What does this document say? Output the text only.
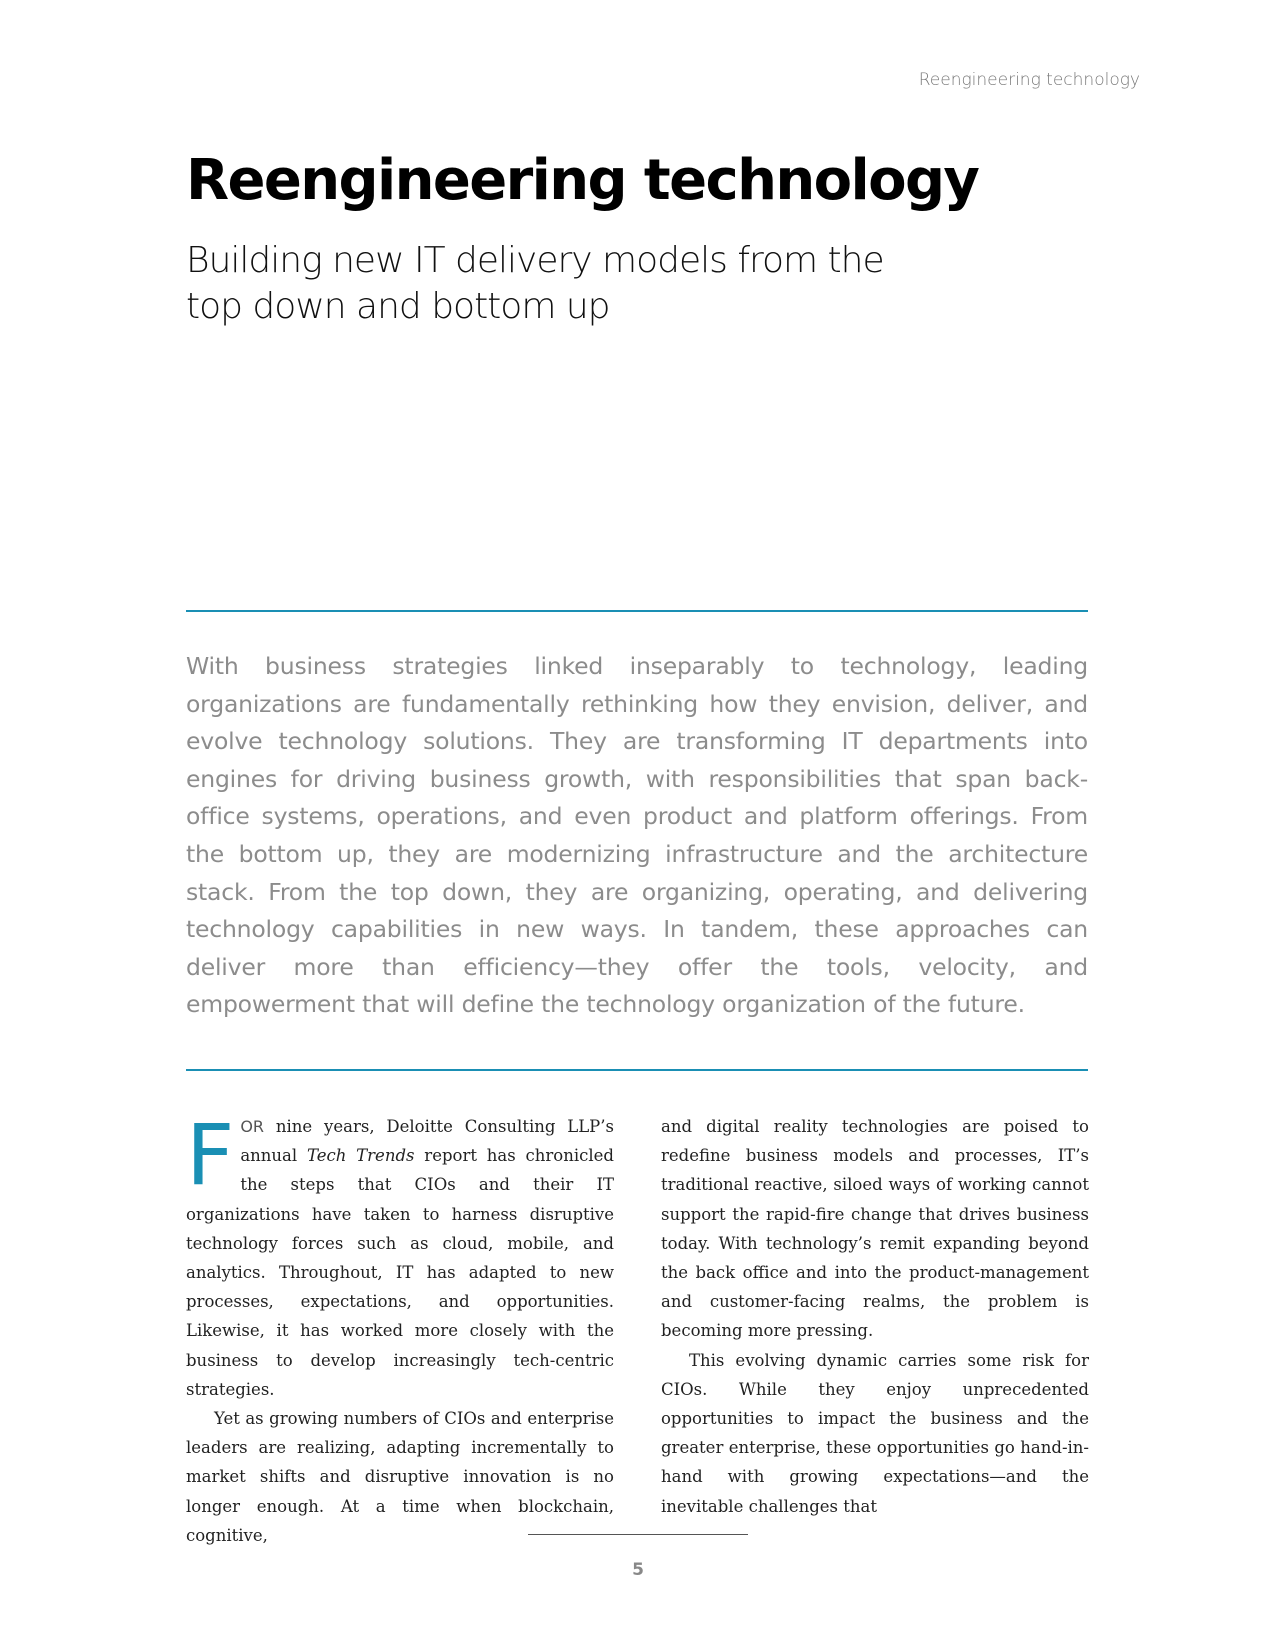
Reengineering technology
Reengineering technology
Building new IT delivery models from the top down and bottom up

With business strategies linked inseparably to technology, leading organizations are fundamentally rethinking how they envision, deliver, and evolve technology solutions. They are transforming IT departments into engines for driving business growth, with responsibilities that span back-office systems, operations, and even product and platform offerings. From the bottom up, they are modernizing infrastructure and the architecture stack. From the top down, they are organizing, operating, and delivering technology capabilities in new ways. In tandem, these approaches can deliver more than efficiency—they offer the tools, velocity, and empowerment that will define the technology organization of the future.

FOR nine years, Deloitte Consulting LLP’s annual Tech Trends report has chronicled the steps that CIOs and their IT organizations have taken to harness disruptive technology forces such as cloud, mobile, and analytics. Throughout, IT has adapted to new processes, expectations, and opportunities. Likewise, it has worked more closely with the business to develop increasingly tech-centric strategies.

Yet as growing numbers of CIOs and enterprise leaders are realizing, adapting incrementally to market shifts and disruptive innovation is no longer enough. At a time when blockchain, cognitive,

and digital reality technologies are poised to redefine business models and processes, IT’s traditional reactive, siloed ways of working cannot support the rapid-fire change that drives business today. With technology’s remit expanding beyond the back office and into the product-management and customer-facing realms, the problem is becoming more pressing.

This evolving dynamic carries some risk for CIOs. While they enjoy unprecedented opportunities to impact the business and the greater enterprise, these opportunities go hand-in-hand with growing expectations—and the inevitable challenges that

5
